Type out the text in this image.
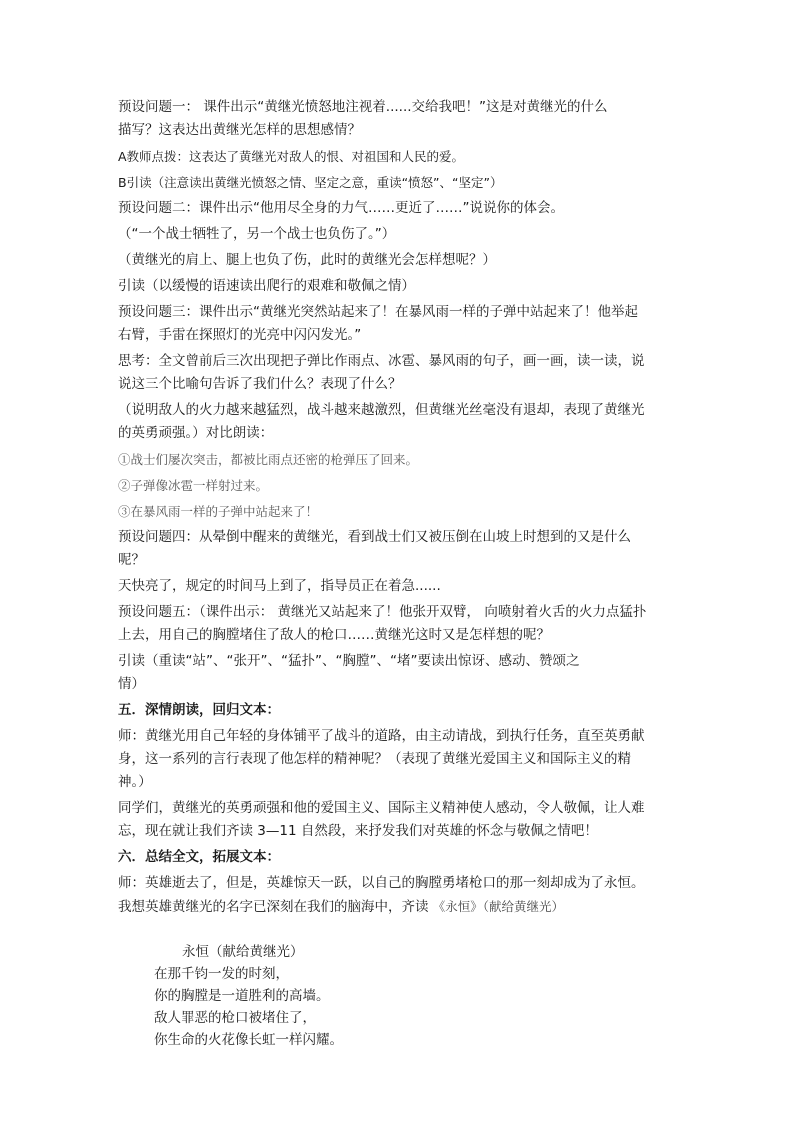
预设问题一： 课件出示“黄继光愤怒地注视着......交给我吧！”这是对黄继光的什么

描写？这表达出黄继光怎样的思想感情？

A教师点拨：这表达了黄继光对敌人的恨、对祖国和人民的爱。

B引读（注意读出黄继光愤怒之情、坚定之意，重读“愤怒”、“坚定”）

预设问题二：课件出示“他用尽全身的力气……更近了……”说说你的体会。

（“一个战士牺牲了，另一个战士也负伤了。”）

（黄继光的肩上、腿上也负了伤，此时的黄继光会怎样想呢？）

引读（以缓慢的语速读出爬行的艰难和敬佩之情）

预设问题三：课件出示“黄继光突然站起来了！在暴风雨一样的子弹中站起来了！他举起

右臂，手雷在探照灯的光亮中闪闪发光。”

思考：全文曾前后三次出现把子弹比作雨点、冰雹、暴风雨的句子，画一画，读一读，说

说这三个比喻句告诉了我们什么？表现了什么？

（说明敌人的火力越来越猛烈，战斗越来越激烈，但黄继光丝毫没有退却，表现了黄继光

的英勇顽强。）对比朗读：

①战士们屡次突击，都被比雨点还密的枪弹压了回来。

②子弹像冰雹一样射过来。

③在暴风雨一样的子弹中站起来了！

预设问题四：从晕倒中醒来的黄继光，看到战士们又被压倒在山坡上时想到的又是什么

呢？

天快亮了，规定的时间马上到了，指导员正在着急......

预设问题五：（课件出示： 黄继光又站起来了！他张开双臂， 向喷射着火舌的火力点猛扑

上去，用自己的胸膛堵住了敌人的枪口……黄继光这时又是怎样想的呢？

引读（重读“站”、“张开”、“猛扑”、“胸膛”、“堵”要读出惊讶、感动、赞颂之

情）

五．深情朗读，回归文本：

师：黄继光用自己年轻的身体铺平了战斗的道路，由主动请战，到执行任务，直至英勇献

身，这一系列的言行表现了他怎样的精神呢？（表现了黄继光爱国主义和国际主义的精

神。）

同学们，黄继光的英勇顽强和他的爱国主义、国际主义精神使人感动，令人敬佩，让人难

忘，现在就让我们齐读 3—11 自然段，来抒发我们对英雄的怀念与敬佩之情吧！

六．总结全文，拓展文本：

师：英雄逝去了，但是，英雄惊天一跃，以自己的胸膛勇堵枪口的那一刻却成为了永恒。

我想英雄黄继光的名字已深刻在我们的脑海中，齐读 《永恒》（献给黄继光）

永恒（献给黄继光）

在那千钧一发的时刻，

你的胸膛是一道胜利的高墙。

敌人罪恶的枪口被堵住了，

你生命的火花像长虹一样闪耀。
